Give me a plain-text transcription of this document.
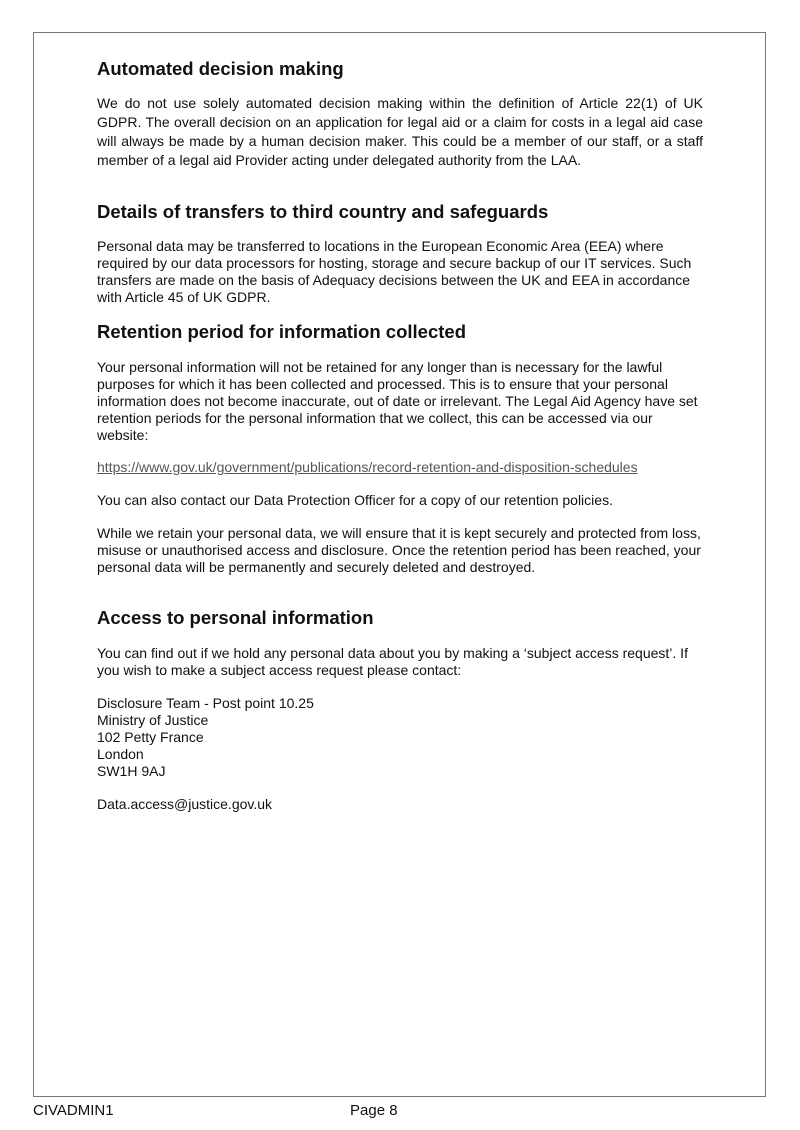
Automated decision making

We do not use solely automated decision making within the definition of Article 22(1) of UK GDPR. The overall decision on an application for legal aid or a claim for costs in a legal aid case will always be made by a human decision maker. This could be a member of our staff, or a staff member of a legal aid Provider acting under delegated authority from the LAA.

Details of transfers to third country and safeguards

Personal data may be transferred to locations in the European Economic Area (EEA) where required by our data processors for hosting, storage and secure backup of our IT services. Such transfers are made on the basis of Adequacy decisions between the UK and EEA in accordance with Article 45 of UK GDPR.

Retention period for information collected

Your personal information will not be retained for any longer than is necessary for the lawful purposes for which it has been collected and processed. This is to ensure that your personal information does not become inaccurate, out of date or irrelevant. The Legal Aid Agency have set retention periods for the personal information that we collect, this can be accessed via our website:

https://www.gov.uk/government/publications/record-retention-and-disposition-schedules

You can also contact our Data Protection Officer for a copy of our retention policies.

While we retain your personal data, we will ensure that it is kept securely and protected from loss, misuse or unauthorised access and disclosure. Once the retention period has been reached, your personal data will be permanently and securely deleted and destroyed.

Access to personal information

You can find out if we hold any personal data about you by making a ‘subject access request’. If you wish to make a subject access request please contact:

Disclosure Team - Post point 10.25
Ministry of Justice
102 Petty France
London
SW1H 9AJ

Data.access@justice.gov.uk

CIVADMIN1	Page 8
